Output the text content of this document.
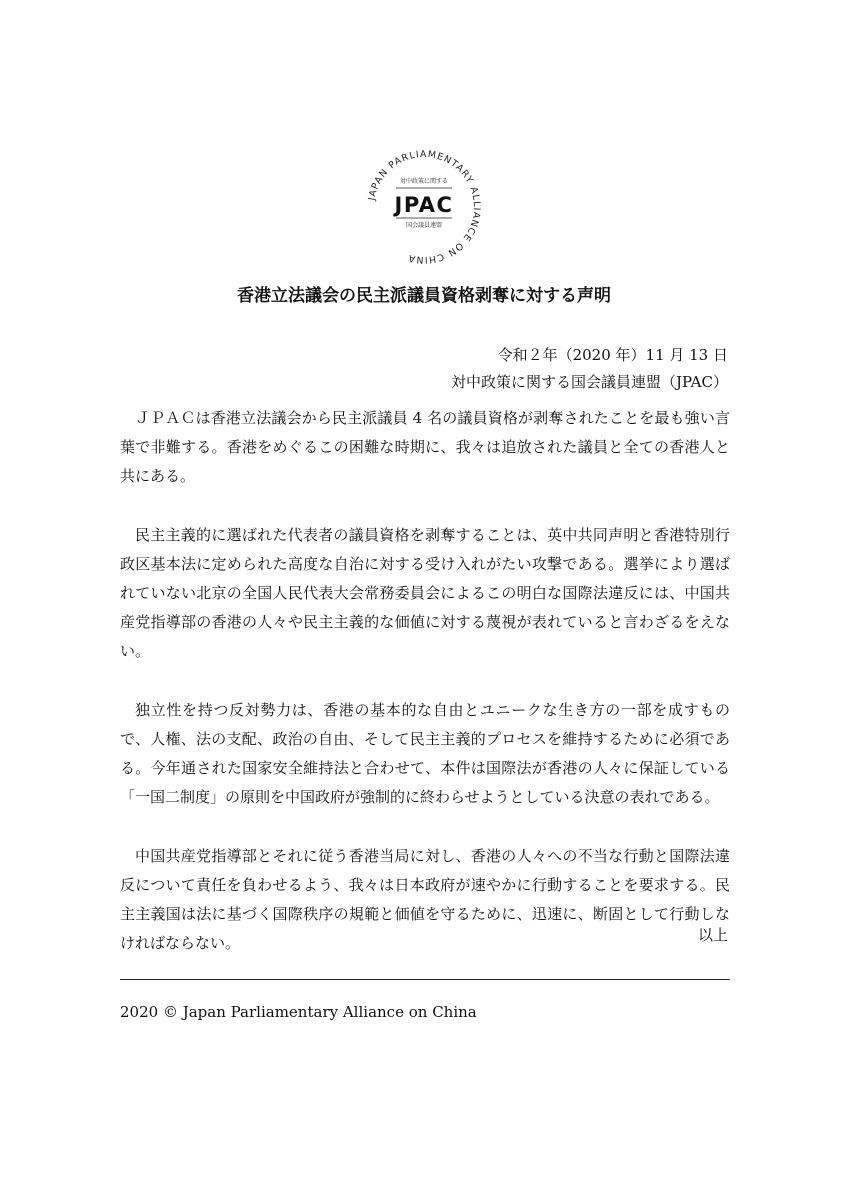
JAPAN PARLIAMENTARY ALLIANCE ON CHINA
対中政策に関する
JPAC
国会議員連盟
香港立法議会の民主派議員資格剥奪に対する声明
令和２年（2020 年）11 月 13 日
対中政策に関する国会議員連盟（JPAC）

ＪＰＡＣは香港立法議会から民主派議員 4 名の議員資格が剥奪されたことを最も強い言葉で非難する。香港をめぐるこの困難な時期に、我々は追放された議員と全ての香港人と共にある。

民主主義的に選ばれた代表者の議員資格を剥奪することは、英中共同声明と香港特別行政区基本法に定められた高度な自治に対する受け入れがたい攻撃である。選挙により選ばれていない北京の全国人民代表大会常務委員会によるこの明白な国際法違反には、中国共産党指導部の香港の人々や民主主義的な価値に対する蔑視が表れていると言わざるをえない。

独立性を持つ反対勢力は、香港の基本的な自由とユニークな生き方の一部を成すもので、人権、法の支配、政治の自由、そして民主主義的プロセスを維持するために必須である。今年通された国家安全維持法と合わせて、本件は国際法が香港の人々に保証している「一国二制度」の原則を中国政府が強制的に終わらせようとしている決意の表れである。

中国共産党指導部とそれに従う香港当局に対し、香港の人々への不当な行動と国際法違反について責任を負わせるよう、我々は日本政府が速やかに行動することを要求する。民主主義国は法に基づく国際秩序の規範と価値を守るために、迅速に、断固として行動しなければならない。	以上
2020 © Japan Parliamentary Alliance on China
